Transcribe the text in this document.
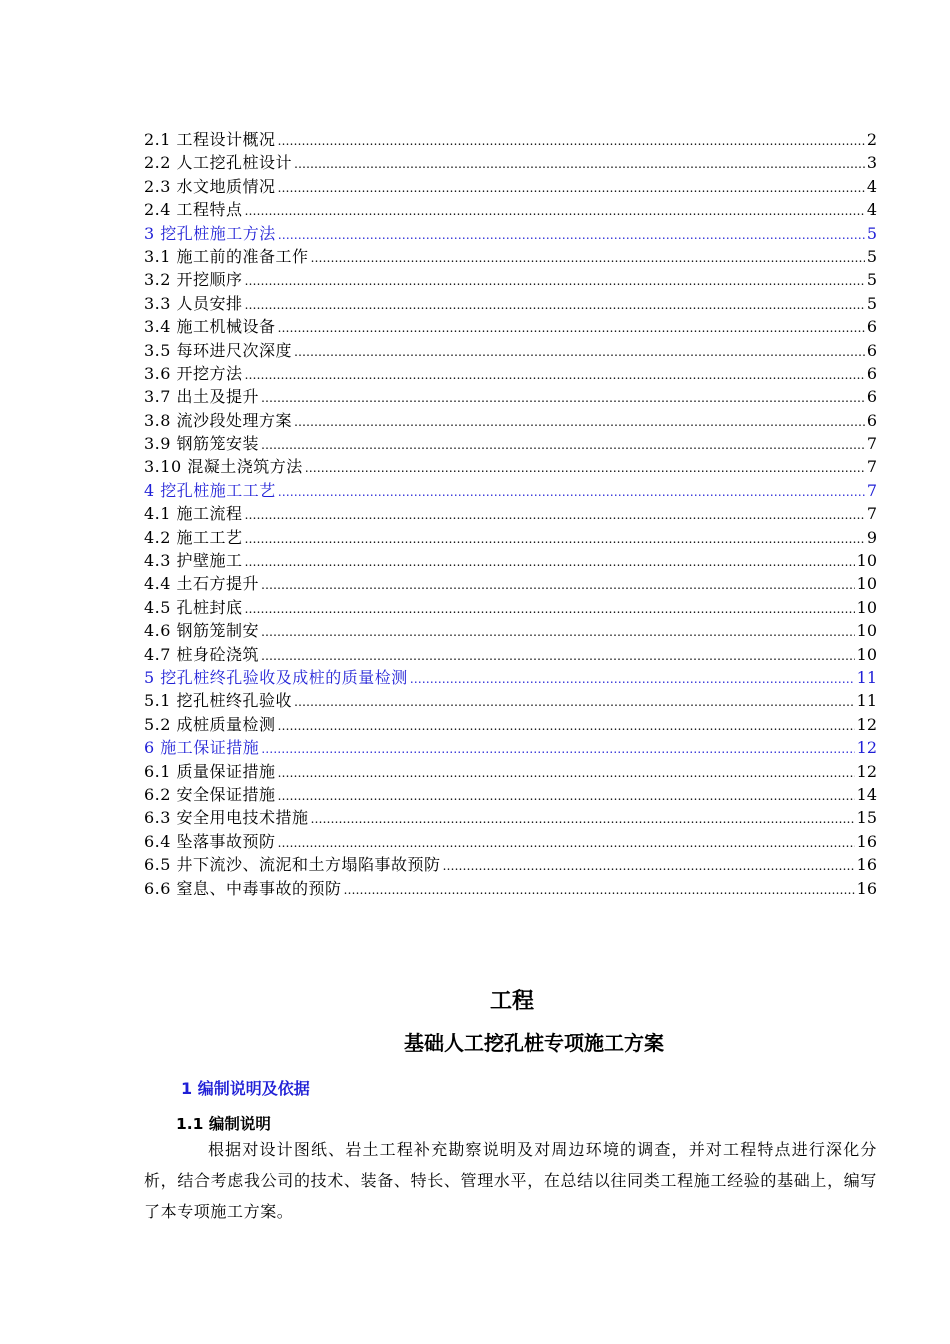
2.1 工程设计概况 …………………………………………………………………………………………………………………………………………………………………………………………………………………	2
2.2 人工挖孔桩设计 …………………………………………………………………………………………………………………………………………………………………………………………………………………	3
2.3 水文地质情况 …………………………………………………………………………………………………………………………………………………………………………………………………………………	4
2.4 工程特点 …………………………………………………………………………………………………………………………………………………………………………………………………………………	4
3 挖孔桩施工方法 …………………………………………………………………………………………………………………………………………………………………………………………………………………	5
3.1 施工前的准备工作 …………………………………………………………………………………………………………………………………………………………………………………………………………………	5
3.2 开挖顺序 …………………………………………………………………………………………………………………………………………………………………………………………………………………	5
3.3 人员安排 …………………………………………………………………………………………………………………………………………………………………………………………………………………	5
3.4 施工机械设备 …………………………………………………………………………………………………………………………………………………………………………………………………………………	6
3.5 每环进尺次深度 …………………………………………………………………………………………………………………………………………………………………………………………………………………	6
3.6 开挖方法 …………………………………………………………………………………………………………………………………………………………………………………………………………………	6
3.7 出土及提升 …………………………………………………………………………………………………………………………………………………………………………………………………………………	6
3.8 流沙段处理方案 …………………………………………………………………………………………………………………………………………………………………………………………………………………	6
3.9 钢筋笼安装 …………………………………………………………………………………………………………………………………………………………………………………………………………………	7
3.10 混凝土浇筑方法 …………………………………………………………………………………………………………………………………………………………………………………………………………………	7
4 挖孔桩施工工艺 …………………………………………………………………………………………………………………………………………………………………………………………………………………	7
4.1 施工流程 …………………………………………………………………………………………………………………………………………………………………………………………………………………	7
4.2 施工工艺 …………………………………………………………………………………………………………………………………………………………………………………………………………………	9
4.3 护壁施工 …………………………………………………………………………………………………………………………………………………………………………………………………………………	10
4.4 土石方提升 …………………………………………………………………………………………………………………………………………………………………………………………………………………	10
4.5 孔桩封底 …………………………………………………………………………………………………………………………………………………………………………………………………………………	10
4.6 钢筋笼制安 …………………………………………………………………………………………………………………………………………………………………………………………………………………	10
4.7 桩身砼浇筑 …………………………………………………………………………………………………………………………………………………………………………………………………………………	10
5 挖孔桩终孔验收及成桩的质量检测 …………………………………………………………………………………………………………………………………………………………………………………………………………………	11
5.1 挖孔桩终孔验收 …………………………………………………………………………………………………………………………………………………………………………………………………………………	11
5.2 成桩质量检测 …………………………………………………………………………………………………………………………………………………………………………………………………………………	12
6 施工保证措施 …………………………………………………………………………………………………………………………………………………………………………………………………………………	12
6.1 质量保证措施 …………………………………………………………………………………………………………………………………………………………………………………………………………………	12
6.2 安全保证措施 …………………………………………………………………………………………………………………………………………………………………………………………………………………	14
6.3 安全用电技术措施 …………………………………………………………………………………………………………………………………………………………………………………………………………………	15
6.4 坠落事故预防 …………………………………………………………………………………………………………………………………………………………………………………………………………………	16
6.5 井下流沙、流泥和土方塌陷事故预防 …………………………………………………………………………………………………………………………………………………………………………………………………………………	16
6.6 窒息、中毒事故的预防 …………………………………………………………………………………………………………………………………………………………………………………………………………………	16
工程
基础人工挖孔桩专项施工方案
1 编制说明及依据
1.1 编制说明

根据对设计图纸、岩土工程补充勘察说明及对周边环境的调查，并对工程特点进行深化分析，结合考虑我公司的技术、装备、特长、管理水平，在总结以往同类工程施工经验的基础上，编写了本专项施工方案。
